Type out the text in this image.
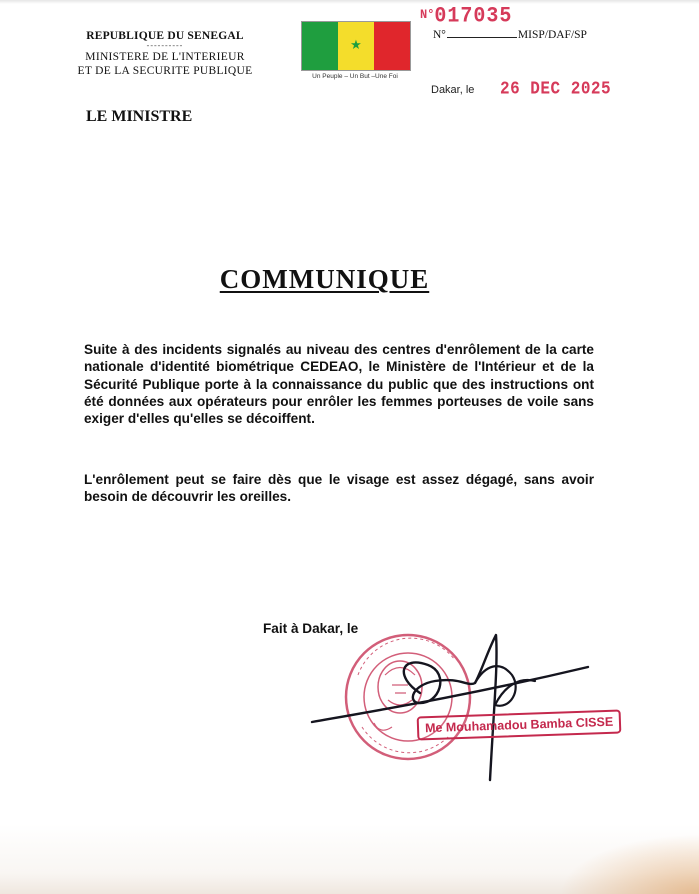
REPUBLIQUE DU SENEGAL
----------
MINISTERE DE L'INTERIEUR
ET DE LA SECURITE PUBLIQUE
★
Un Peuple – Un But –Une Foi
N°017035
N°	MISP/DAF/SP
Dakar, le 26 DEC 2025
LE MINISTRE
COMMUNIQUE
Suite à des incidents signalés au niveau des centres d'enrôlement de la carte nationale d'identité biométrique CEDEAO, le Ministère de l'Intérieur et de la Sécurité Publique porte à la connaissance du public que des instructions ont été données aux opérateurs pour enrôler les femmes porteuses de voile sans exiger d'elles qu'elles se décoiffent.
L'enrôlement peut se faire dès que le visage est assez dégagé, sans avoir besoin de découvrir les oreilles.
Fait à Dakar, le
Me Mouhamadou Bamba CISSE
